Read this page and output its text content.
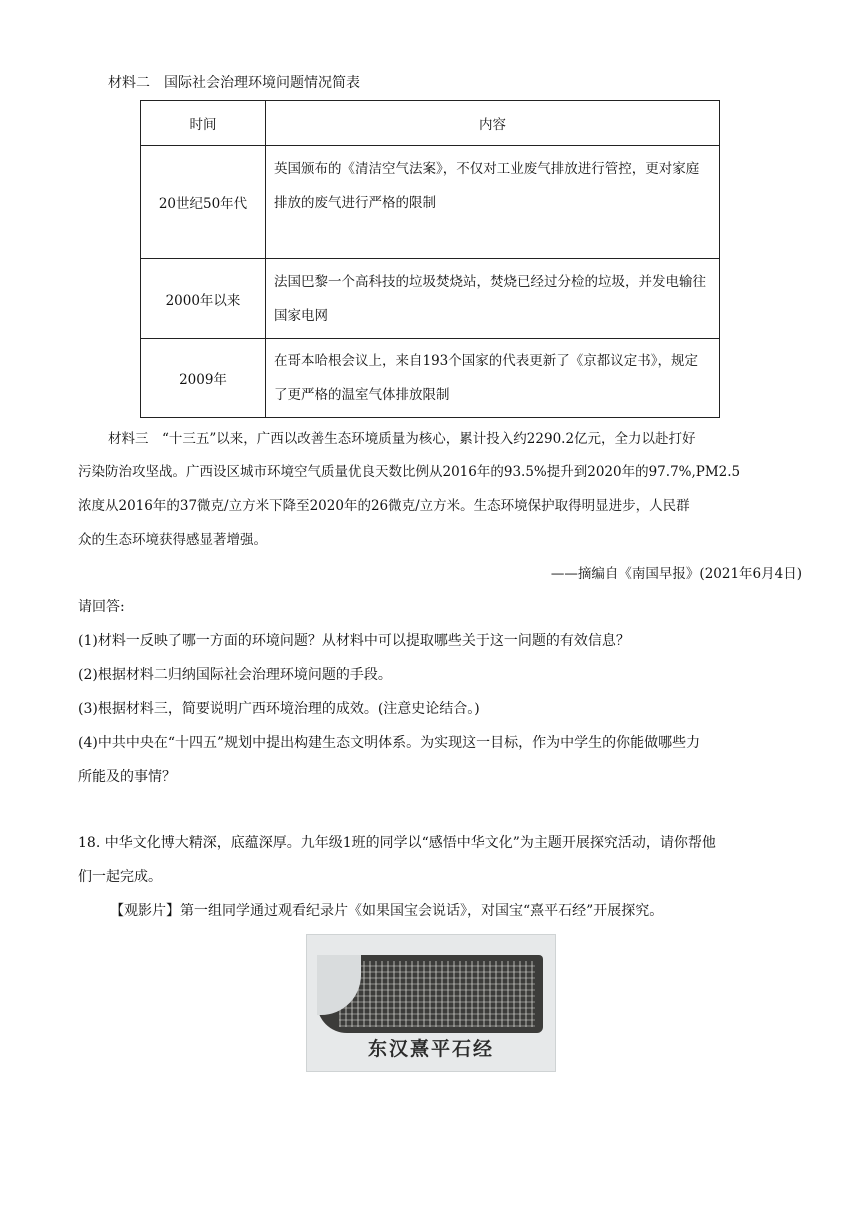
材料二　国际社会治理环境问题情况简表
时间	内容
20世纪50年代	英国颁布的《清洁空气法案》，不仅对工业废气排放进行管控，更对家庭排放的废气进行严格的限制

2000年以来	法国巴黎一个高科技的垃圾焚烧站，焚烧已经过分检的垃圾，并发电输往国家电网

2009年	在哥本哈根会议上，来自193个国家的代表更新了《京都议定书》，规定了更严格的温室气体排放限制
材料三　“十三五”以来，广西以改善生态环境质量为核心，累计投入约2290.2亿元，全力以赴打好
污染防治攻坚战。广西设区城市环境空气质量优良天数比例从2016年的93.5%提升到2020年的97.7%,PM2.5
浓度从2016年的37微克/立方米下降至2020年的26微克/立方米。生态环境保护取得明显进步，人民群
众的生态环境获得感显著增强。
——摘编自《南国早报》(2021年6月4日)
请回答:
(1)材料一反映了哪一方面的环境问题？从材料中可以提取哪些关于这一问题的有效信息？
(2)根据材料二归纳国际社会治理环境问题的手段。
(3)根据材料三，简要说明广西环境治理的成效。(注意史论结合。)
(4)中共中央在“十四五”规划中提出构建生态文明体系。为实现这一目标，作为中学生的你能做哪些力
所能及的事情？
18. 中华文化博大精深，底蕴深厚。九年级1班的同学以“感悟中华文化”为主题开展探究活动，请你帮他
们一起完成。
【观影片】第一组同学通过观看纪录片《如果国宝会说话》，对国宝“熹平石经”开展探究。
东汉熹平石经
